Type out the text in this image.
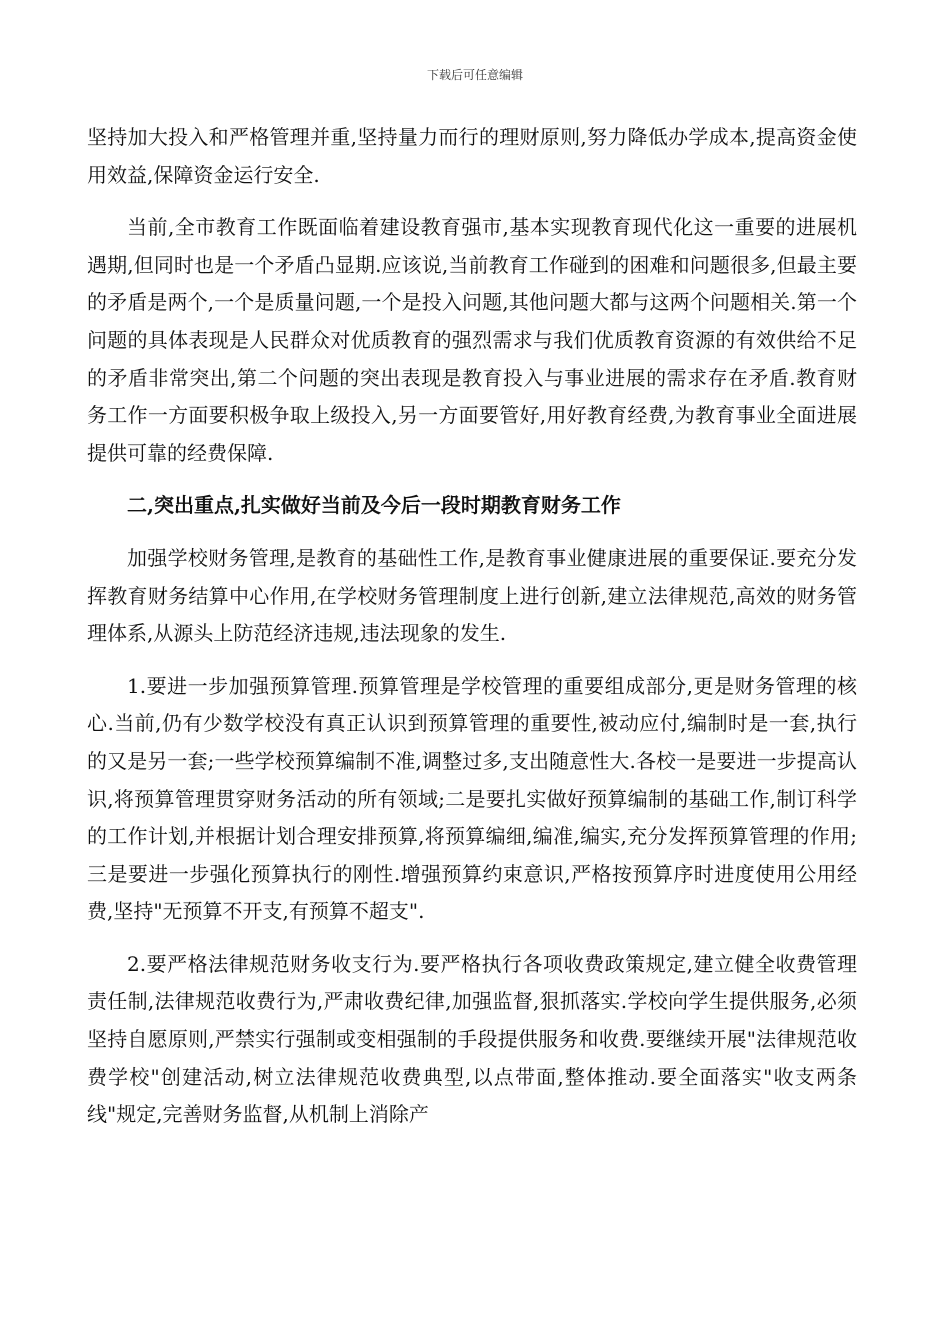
下载后可任意编辑

坚持加大投入和严格管理并重,坚持量力而行的理财原则,努力降低办学成本,提高资金使用效益,保障资金运行安全.

当前,全市教育工作既面临着建设教育强市,基本实现教育现代化这一重要的进展机遇期,但同时也是一个矛盾凸显期.应该说,当前教育工作碰到的困难和问题很多,但最主要的矛盾是两个,一个是质量问题,一个是投入问题,其他问题大都与这两个问题相关.第一个问题的具体表现是人民群众对优质教育的强烈需求与我们优质教育资源的有效供给不足的矛盾非常突出,第二个问题的突出表现是教育投入与事业进展的需求存在矛盾.教育财务工作一方面要积极争取上级投入,另一方面要管好,用好教育经费,为教育事业全面进展提供可靠的经费保障.

二,突出重点,扎实做好当前及今后一段时期教育财务工作

加强学校财务管理,是教育的基础性工作,是教育事业健康进展的重要保证.要充分发挥教育财务结算中心作用,在学校财务管理制度上进行创新,建立法律规范,高效的财务管理体系,从源头上防范经济违规,违法现象的发生.

1.要进一步加强预算管理.预算管理是学校管理的重要组成部分,更是财务管理的核心.当前,仍有少数学校没有真正认识到预算管理的重要性,被动应付,编制时是一套,执行的又是另一套;一些学校预算编制不准,调整过多,支出随意性大.各校一是要进一步提高认识,将预算管理贯穿财务活动的所有领域;二是要扎实做好预算编制的基础工作,制订科学的工作计划,并根据计划合理安排预算,将预算编细,编准,编实,充分发挥预算管理的作用;三是要进一步强化预算执行的刚性.增强预算约束意识,严格按预算序时进度使用公用经费,坚持"无预算不开支,有预算不超支".

2.要严格法律规范财务收支行为.要严格执行各项收费政策规定,建立健全收费管理责任制,法律规范收费行为,严肃收费纪律,加强监督,狠抓落实.学校向学生提供服务,必须坚持自愿原则,严禁实行强制或变相强制的手段提供服务和收费.要继续开展"法律规范收费学校"创建活动,树立法律规范收费典型,以点带面,整体推动.要全面落实"收支两条线"规定,完善财务监督,从机制上消除产
